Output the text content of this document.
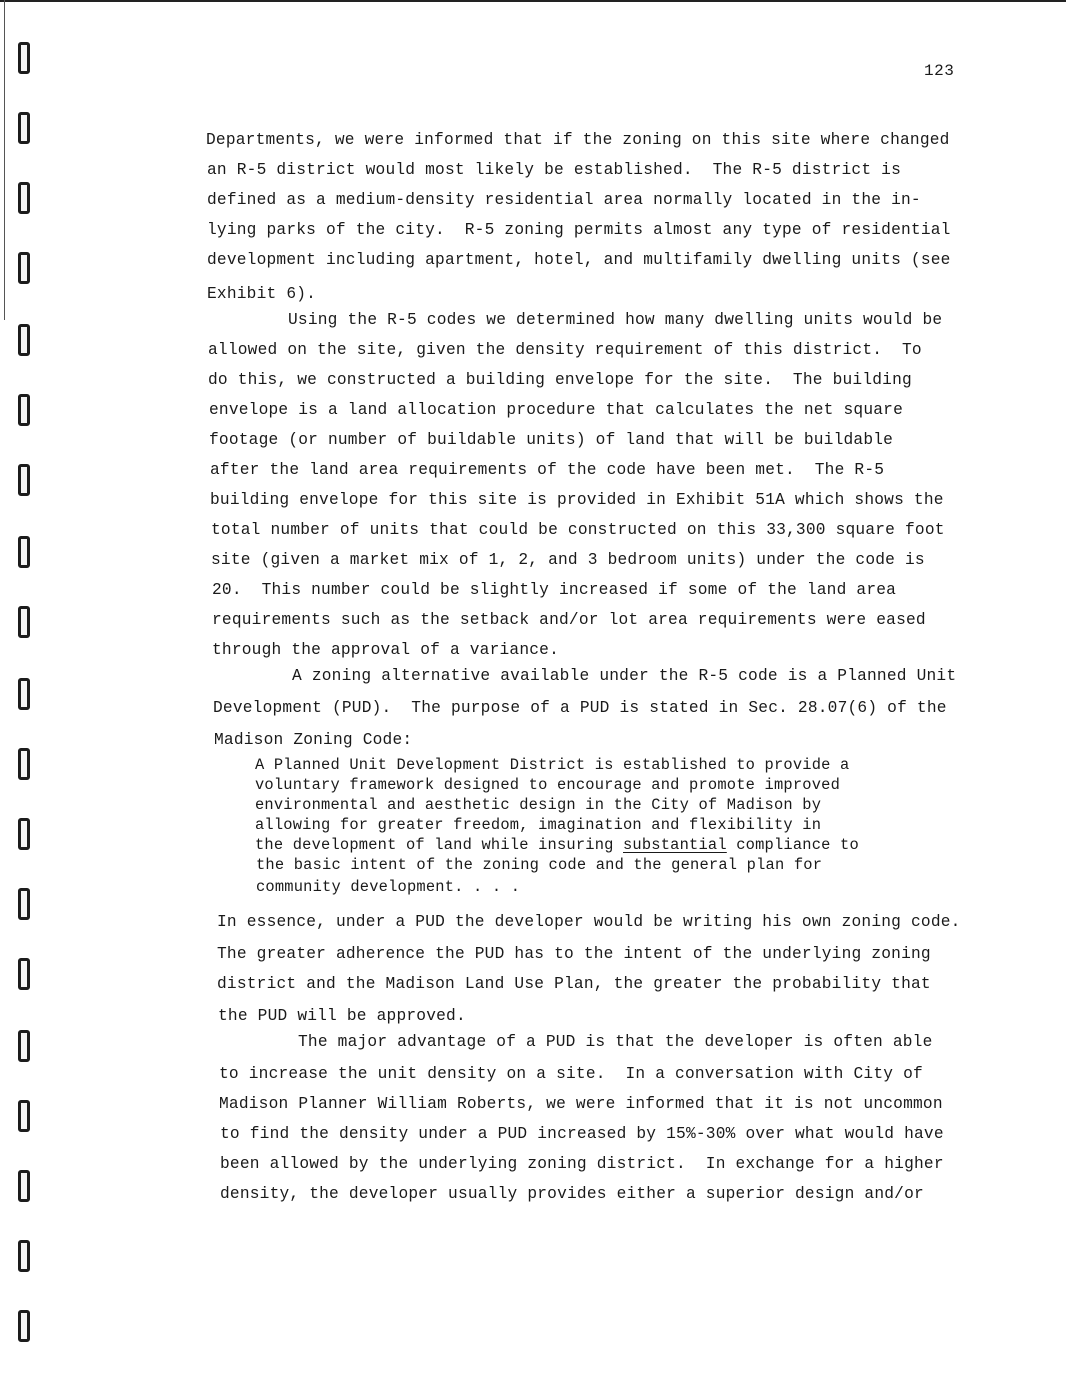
123
Departments, we were informed that if the zoning on this site where changed
an R-5 district would most likely be established.  The R-5 district is
defined as a medium-density residential area normally located in the in-
lying parks of the city.  R-5 zoning permits almost any type of residential
development including apartment, hotel, and multifamily dwelling units (see
Exhibit 6).
Using the R-5 codes we determined how many dwelling units would be
allowed on the site, given the density requirement of this district.  To
do this, we constructed a building envelope for the site.  The building
envelope is a land allocation procedure that calculates the net square
footage (or number of buildable units) of land that will be buildable
after the land area requirements of the code have been met.  The R-5
building envelope for this site is provided in Exhibit 51A which shows the
total number of units that could be constructed on this 33,300 square foot
site (given a market mix of 1, 2, and 3 bedroom units) under the code is
20.  This number could be slightly increased if some of the land area
requirements such as the setback and/or lot area requirements were eased
through the approval of a variance.
A zoning alternative available under the R-5 code is a Planned Unit
Development (PUD).  The purpose of a PUD is stated in Sec. 28.07(6) of the
Madison Zoning Code:
A Planned Unit Development District is established to provide a
voluntary framework designed to encourage and promote improved
environmental and aesthetic design in the City of Madison by
allowing for greater freedom, imagination and flexibility in
the development of land while insuring substantial compliance to
the basic intent of the zoning code and the general plan for
community development. . . .
In essence, under a PUD the developer would be writing his own zoning code.
The greater adherence the PUD has to the intent of the underlying zoning
district and the Madison Land Use Plan, the greater the probability that
the PUD will be approved.
The major advantage of a PUD is that the developer is often able
to increase the unit density on a site.  In a conversation with City of
Madison Planner William Roberts, we were informed that it is not uncommon
to find the density under a PUD increased by 15%-30% over what would have
been allowed by the underlying zoning district.  In exchange for a higher
density, the developer usually provides either a superior design and/or
